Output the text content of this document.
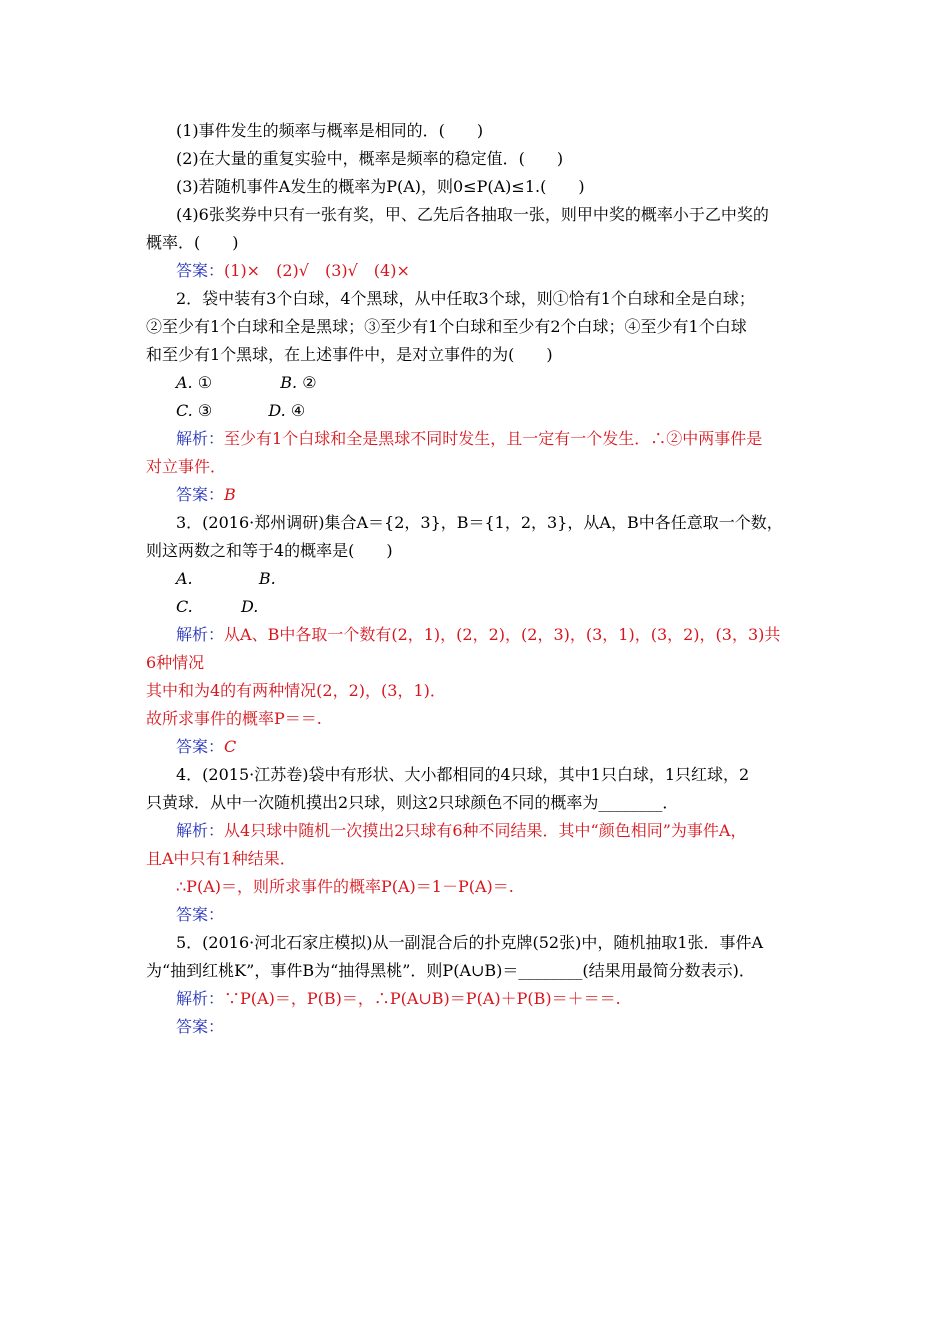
(1)事件发生的频率与概率是相同的．(　　)
(2)在大量的重复实验中，概率是频率的稳定值．(　　)
(3)若随机事件A发生的概率为P(A)，则0≤P(A)≤1.(　　)
(4)6张奖券中只有一张有奖，甲、乙先后各抽取一张，则甲中奖的概率小于乙中奖的
概率．(　　)
答案：(1)×　(2)√　(3)√　(4)×
2．袋中装有3个白球，4个黑球，从中任取3个球，则①恰有1个白球和全是白球；
②至少有1个白球和全是黑球；③至少有1个白球和至少有2个白球；④至少有1个白球
和至少有1个黑球，在上述事件中，是对立事件的为(　　)
A. ①	B. ②
C. ③	D. ④
解析：至少有1个白球和全是黑球不同时发生，且一定有一个发生．∴②中两事件是
对立事件．
答案：B
3．(2016·郑州调研)集合A＝{2，3}，B＝{1，2，3}，从A，B中各任意取一个数，
则这两数之和等于4的概率是(　　)
A.	B.
C.	D.
解析：从A、B中各取一个数有(2，1)，(2，2)，(2，3)，(3，1)，(3，2)，(3，3)共
6种情况
其中和为4的有两种情况(2，2)，(3，1)．
故所求事件的概率P＝＝.
答案：C
4．(2015·江苏卷)袋中有形状、大小都相同的4只球，其中1只白球，1只红球，2
只黄球．从中一次随机摸出2只球，则这2只球颜色不同的概率为________．
解析：从4只球中随机一次摸出2只球有6种不同结果．其中“颜色相同”为事件A，
且A中只有1种结果．
∴P(A)＝，则所求事件的概率P(A)＝1－P(A)＝.
答案：
5．(2016·河北石家庄模拟)从一副混合后的扑克牌(52张)中，随机抽取1张．事件A
为“抽到红桃K”，事件B为“抽得黑桃”．则P(A∪B)＝________(结果用最简分数表示)．
解析：∵P(A)＝，P(B)＝，∴P(A∪B)＝P(A)＋P(B)＝＋＝＝.
答案：
